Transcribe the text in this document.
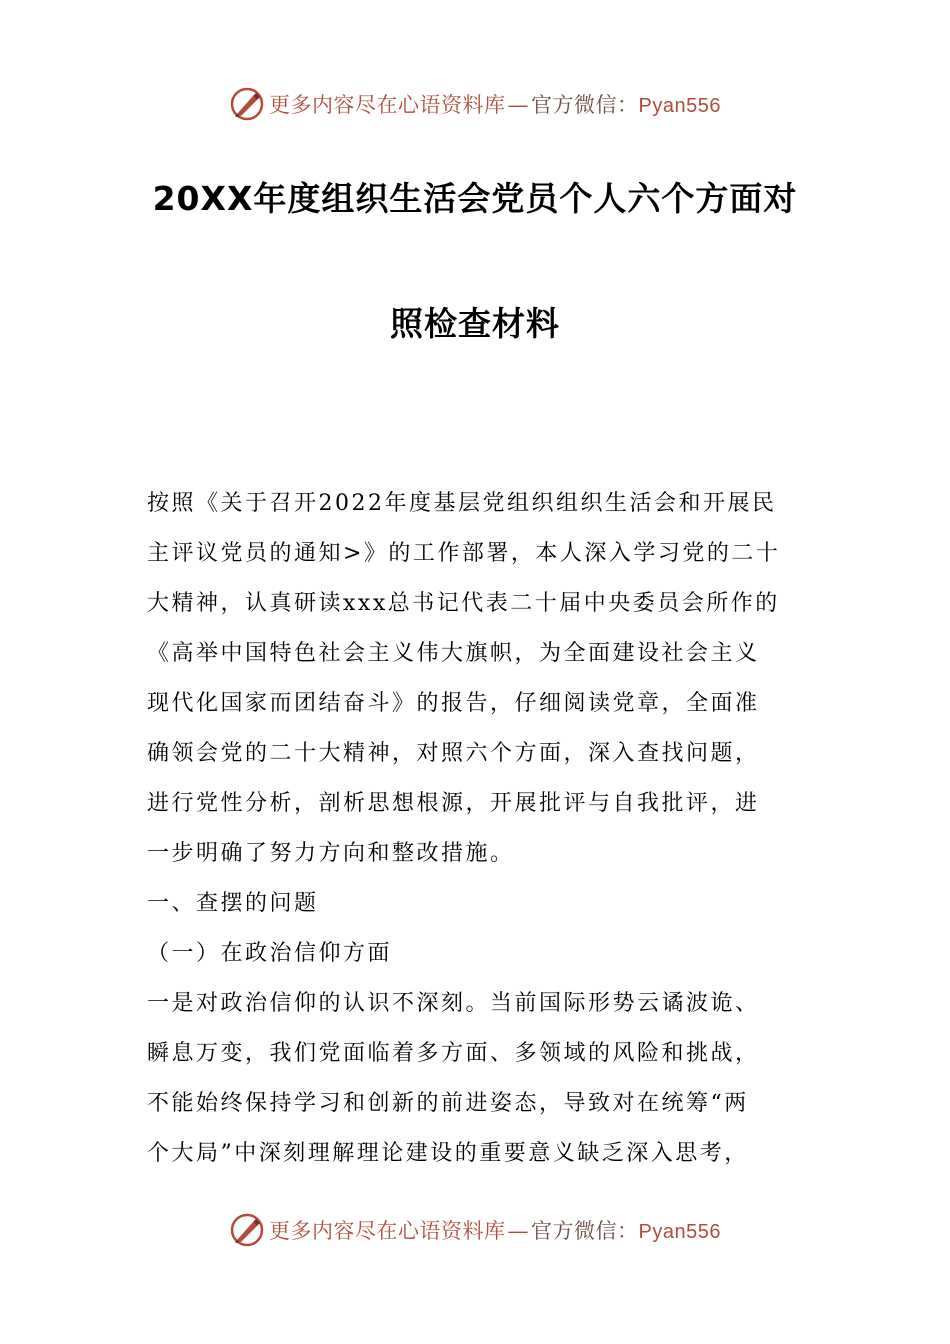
更多内容尽在心语资料库—官方微信：Pyan556
20XX年度组织生活会党员个人六个方面对
照检查材料
按照《关于召开2022年度基层党组织组织生活会和开展民
主评议党员的通知>》的工作部署，本人深入学习党的二十
大精神，认真研读xxx总书记代表二十届中央委员会所作的
《高举中国特色社会主义伟大旗帜，为全面建设社会主义
现代化国家而团结奋斗》的报告，仔细阅读党章，全面准
确领会党的二十大精神，对照六个方面，深入查找问题，
进行党性分析，剖析思想根源，开展批评与自我批评，进
一步明确了努力方向和整改措施。
一、查摆的问题
（一）在政治信仰方面
一是对政治信仰的认识不深刻。当前国际形势云谲波诡、
瞬息万变，我们党面临着多方面、多领域的风险和挑战，
不能始终保持学习和创新的前进姿态，导致对在统筹“两
个大局”中深刻理解理论建设的重要意义缺乏深入思考，
更多内容尽在心语资料库—官方微信：Pyan556
